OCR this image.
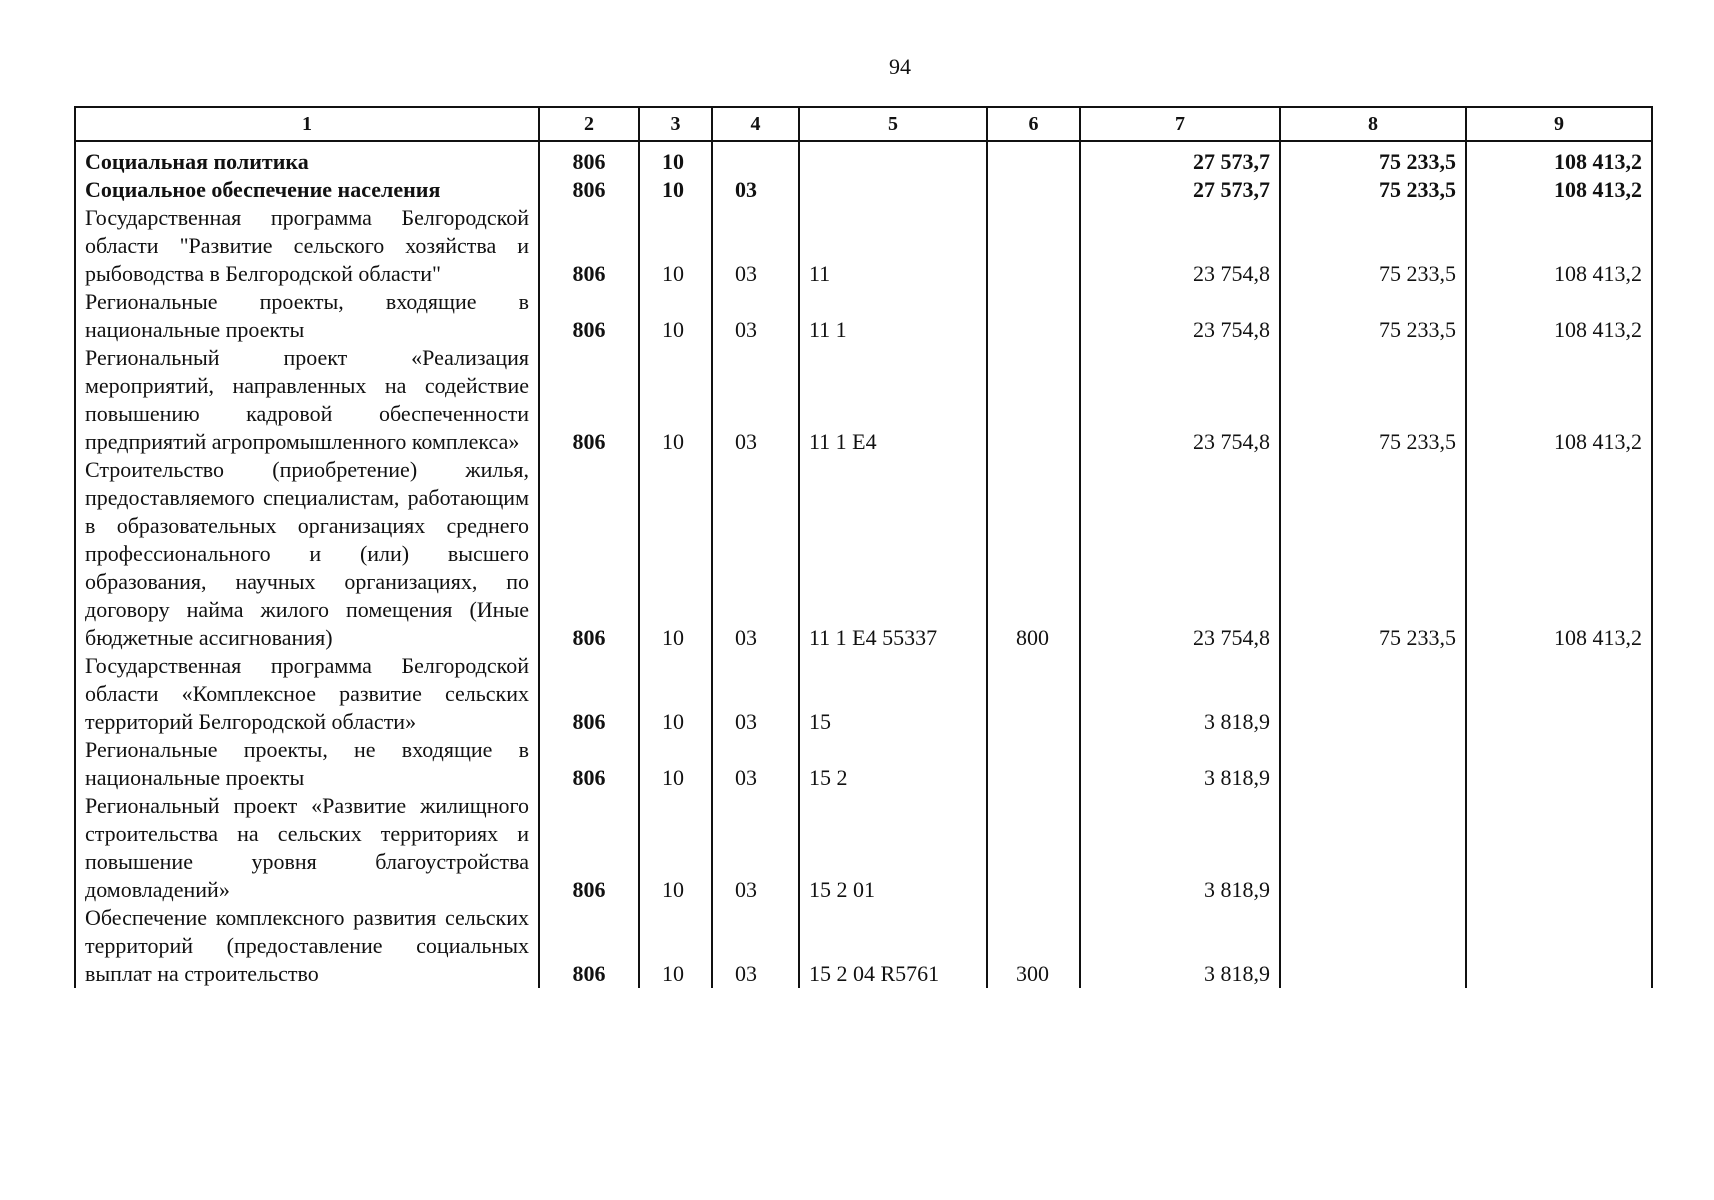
94
1	2	3	4	5	6	7	8	9
Социальная политика	806	10				27 573,7	75 233,5	108 413,2
Социальное обеспечение населения	806	10	03			27 573,7	75 233,5	108 413,2
Государственная программа Белгородской области "Развитие сельского хозяйства и рыбоводства в Белгородской области"	806	10	03	11		23 754,8	75 233,5	108 413,2
Региональные проекты, входящие в национальные проекты	806	10	03	11 1		23 754,8	75 233,5	108 413,2
Региональный проект «Реализация мероприятий, направленных на содействие повышению кадровой обеспеченности предприятий агропромышленного комплекса»	806	10	03	11 1 Е4		23 754,8	75 233,5	108 413,2
Строительство (приобретение) жилья, предоставляемого специалистам, работающим в образовательных организациях среднего профессионального и (или) высшего образования, научных организациях, по договору найма жилого помещения (Иные бюджетные ассигнования)	806	10	03	11 1 Е4 55337	800	23 754,8	75 233,5	108 413,2
Государственная программа Белгородской области «Комплексное развитие сельских территорий Белгородской области»	806	10	03	15		3 818,9		
Региональные проекты, не входящие в национальные проекты	806	10	03	15 2		3 818,9		
Региональный проект «Развитие жилищного строительства на сельских территориях и повышение уровня благоустройства домовладений»	806	10	03	15 2 01		3 818,9		
Обеспечение комплексного развития сельских территорий (предоставление социальных выплат на строительство	806	10	03	15 2 04 R5761	300	3 818,9		
